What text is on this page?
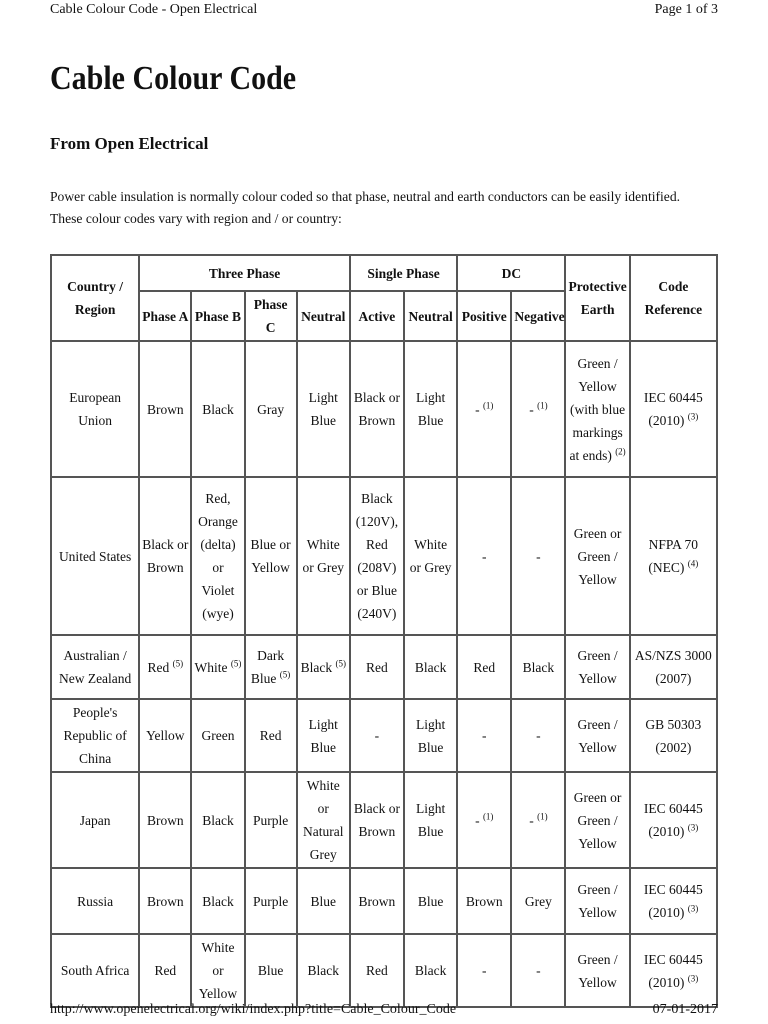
Cable Colour Code - Open Electrical	Page 1 of 3
Cable Colour Code
From Open Electrical

Power cable insulation is normally colour coded so that phase, neutral and earth conductors can be easily identified. These colour codes vary with region and / or country:

Country / Region	Three Phase				Single Phase		DC		Protective Earth	Code Reference
	Phase A	Phase B	Phase C	Neutral	Active	Neutral	Positive	Negative		
European Union	Brown	Black	Gray	Light Blue	Black or Brown	Light Blue	- $^{(1)}$	- $^{(1)}$	Green / Yellow (with blue markings at ends) $^{(2)}$	IEC 60445 (2010) $^{(3)}$
United States	Black or Brown	Red, Orange (delta) or Violet (wye)	Blue or Yellow	White or Grey	Black (120V), Red (208V) or Blue (240V)	White or Grey	-	-	Green or Green / Yellow	NFPA 70 (NEC) $^{(4)}$
Australian / New Zealand	Red $^{(5)}$	White $^{(5)}$	Dark Blue $^{(5)}$	Black $^{(5)}$	Red	Black	Red	Black	Green / Yellow	AS/NZS 3000 (2007)
People's Republic of China	Yellow	Green	Red	Light Blue	-	Light Blue	-	-	Green / Yellow	GB 50303 (2002)
Japan	Brown	Black	Purple	White or Natural Grey	Black or Brown	Light Blue	- $^{(1)}$	- $^{(1)}$	Green or Green / Yellow	IEC 60445 (2010) $^{(3)}$
Russia	Brown	Black	Purple	Blue	Brown	Blue	Brown	Grey	Green / Yellow	IEC 60445 (2010) $^{(3)}$
South Africa	Red	White or Yellow	Blue	Black	Red	Black	-	-	Green / Yellow	IEC 60445 (2010) $^{(3)}$
http://www.openelectrical.org/wiki/index.php?title=Cable_Colour_Code	07-01-2017
